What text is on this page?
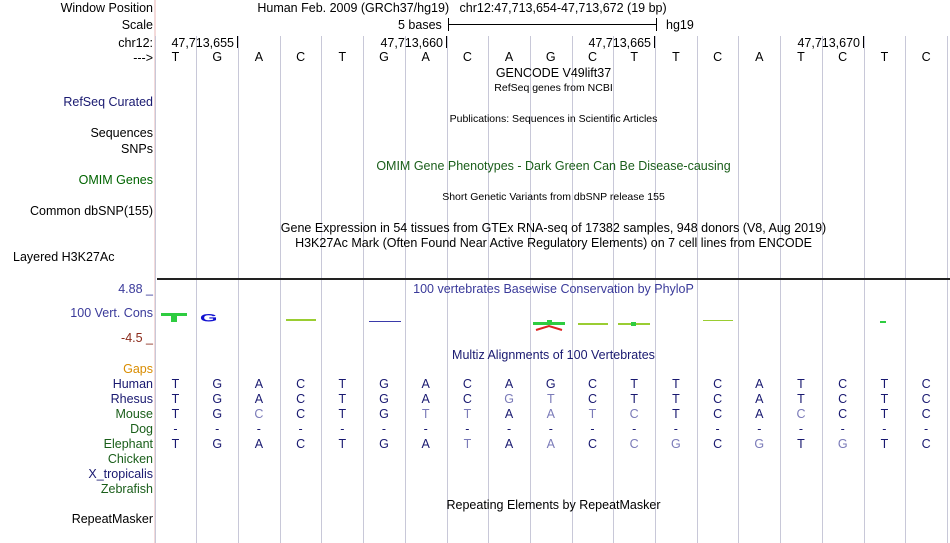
Window Position	Human Feb. 2009 (GRCh37/hg19)   chr12:47,713,654-47,713,672 (19 bp)
Scale	5 bases	hg19
chr12: 47,713,655	47,713,660	47,713,665	47,713,670
--->	T	G	A	C	T	G	A	C	A	G	C	T	T	C	A	T	C	T	C
GENCODE V49lift37
RefSeq genes from NCBI
RefSeq Curated
Publications: Sequences in Scientific Articles
Sequences
SNPs
OMIM Gene Phenotypes - Dark Green Can Be Disease-causing
OMIM Genes
Short Genetic Variants from dbSNP release 155
Common dbSNP(155)
Gene Expression in 54 tissues from GTEx RNA-seq of 17382 samples, 948 donors (V8, Aug 2019)
H3K27Ac Mark (Often Found Near Active Regulatory Elements) on 7 cell lines from ENCODE
Layered H3K27Ac
4.88 _	100 vertebrates Basewise Conservation by PhyloP
100 Vert. Cons
-4.5 _
G
Multiz Alignments of 100 Vertebrates
Gaps
Human	T	G	A	C	T	G	A	C	A	G	C	T	T	C	A	T	C	T	C
Rhesus	T	G	A	C	T	G	A	C	G	T	C	T	T	C	A	T	C	T	C
Mouse	T	G	C	C	T	G	T	T	A	A	T	C	T	C	A	C	C	T	C
Dog	-	-	-	-	-	-	-	-	-	-	-	-	-	-	-	-	-	-	-
Elephant	T	G	A	C	T	G	A	T	A	A	C	C	G	C	G	T	G	T	C
Chicken
X_tropicalis
Zebrafish
Repeating Elements by RepeatMasker
RepeatMasker
